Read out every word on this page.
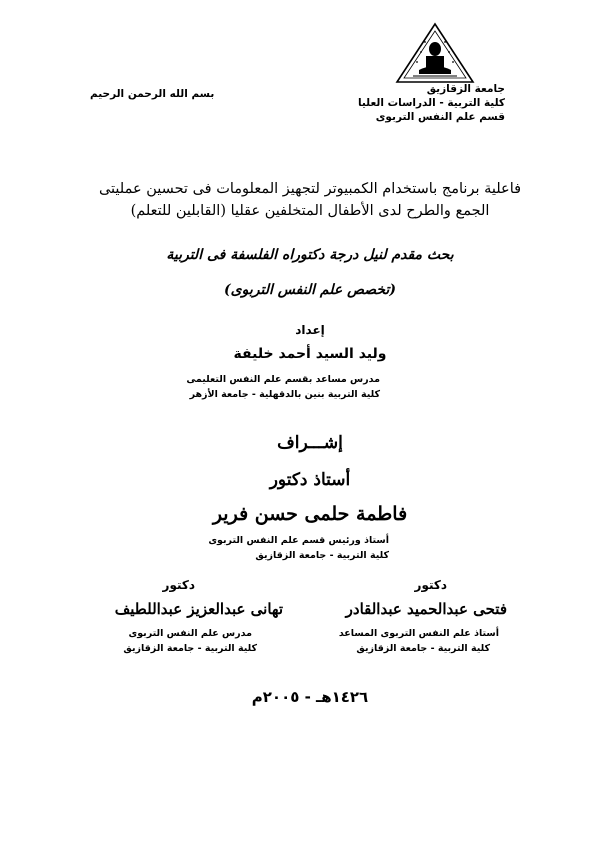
جامعة الزقازيق
كلية التربية - الدراسات العليا
قسم علم النفس التربوى
بسم الله الرحمن الرحيم
فاعلية برنامج باستخدام الكمبيوتر لتجهيز المعلومات فى تحسين عمليتى
الجمع والطرح لدى الأطفال المتخلفين عقليا (القابلين للتعلم)
بحث مقدم لنيل درجة دكتوراه الفلسفة فى التربية
(تخصص علم النفس التربوى)
إعداد
وليد السيد أحمد خليفة
مدرس مساعد بقسم علم النفس التعليمى
كلية التربية بنين بالدقهلية - جامعة الأزهر
إشـــراف
أستاذ دكتور
فاطمة حلمى حسن فرير
أستاذ ورئيس قسم علم النفس التربوى
كلية التربية - جامعة الزقازيق
دكتور
فتحى عبدالحميد عبدالقادر
أستاذ علم النفس التربوى المساعد
كلية التربية - جامعة الزقازيق
دكتور
تهانى عبدالعزيز عبداللطيف
مدرس علم النفس التربوى
كلية التربية - جامعة الزقازيق
١٤٢٦هـ - ٢٠٠٥م
